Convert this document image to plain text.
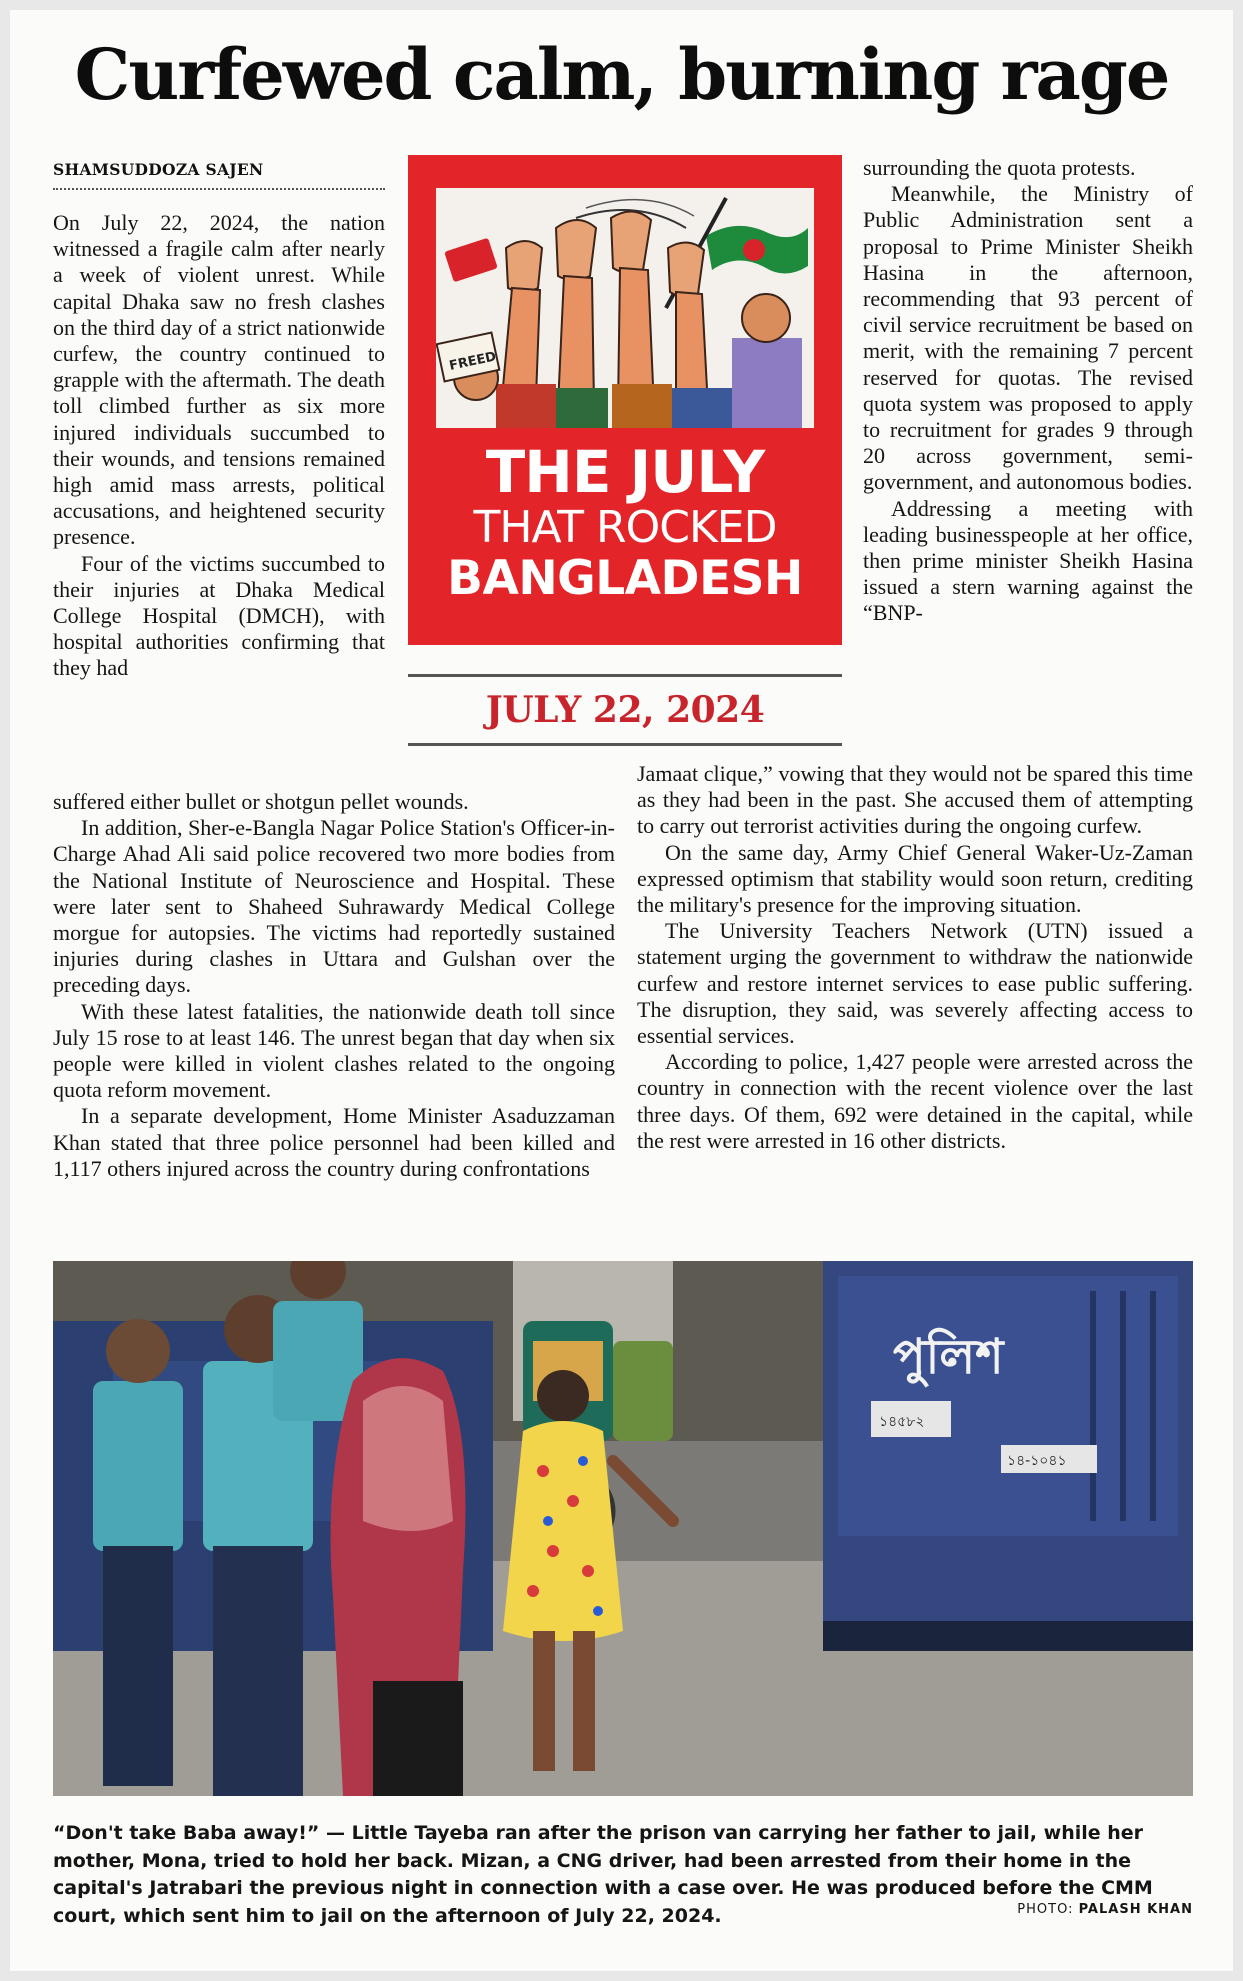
Curfewed calm, burning rage
SHAMSUDDOZA SAJEN

On July 22, 2024, the nation witnessed a fragile calm after nearly a week of violent unrest. While capital Dhaka saw no fresh clashes on the third day of a strict nationwide curfew, the country continued to grapple with the aftermath. The death toll climbed further as six more injured individuals succumbed to their wounds, and tensions remained high amid mass arrests, political accusations, and heightened security presence.

Four of the victims succumbed to their injuries at Dhaka Medical College Hospital (DMCH), with hospital authorities confirming that they had

suffered either bullet or shotgun pellet wounds.

In addition, Sher-e-Bangla Nagar Police Station's Officer-in-Charge Ahad Ali said police recovered two more bodies from the National Institute of Neuroscience and Hospital. These were later sent to Shaheed Suhrawardy Medical College morgue for autopsies. The victims had reportedly sustained injuries during clashes in Uttara and Gulshan over the preceding days.

With these latest fatalities, the nationwide death toll since July 15 rose to at least 146. The unrest began that day when six people were killed in violent clashes related to the ongoing quota reform movement.

In a separate development, Home Minister Asaduzzaman Khan stated that three police personnel had been killed and 1,117 others injured across the country during confrontations

FREED
THE JULY
THAT ROCKED
BANGLADESH
JULY 22, 2024

surrounding the quota protests.

Meanwhile, the Ministry of Public Administration sent a proposal to Prime Minister Sheikh Hasina in the afternoon, recommending that 93 percent of civil service recruitment be based on merit, with the remaining 7 percent reserved for quotas. The revised quota system was proposed to apply to recruitment for grades 9 through 20 across government, semi-government, and autonomous bodies.

Addressing a meeting with leading businesspeople at her office, then prime minister Sheikh Hasina issued a stern warning against the “BNP-

Jamaat clique,” vowing that they would not be spared this time as they had been in the past. She accused them of attempting to carry out terrorist activities during the ongoing curfew.

On the same day, Army Chief General Waker-Uz-Zaman expressed optimism that stability would soon return, crediting the military's presence for the improving situation.

The University Teachers Network (UTN) issued a statement urging the government to withdraw the nationwide curfew and restore internet services to ease public suffering. The disruption, they said, was severely affecting access to essential services.

According to police, 1,427 people were arrested across the country in connection with the recent violence over the last three days. Of them, 692 were detained in the capital, while the rest were arrested in 16 other districts.

পুলিশ
১৪৫৮২
১৪-১০৪১
“Don't take Baba away!” — Little Tayeba ran after the prison van carrying her father to jail, while her mother, Mona, tried to hold her back. Mizan, a CNG driver, had been arrested from their home in the capital's Jatrabari the previous night in connection with a case over. He was produced before the CMM court, which sent him to jail on the afternoon of July 22, 2024.	PHOTO: PALASH KHAN
